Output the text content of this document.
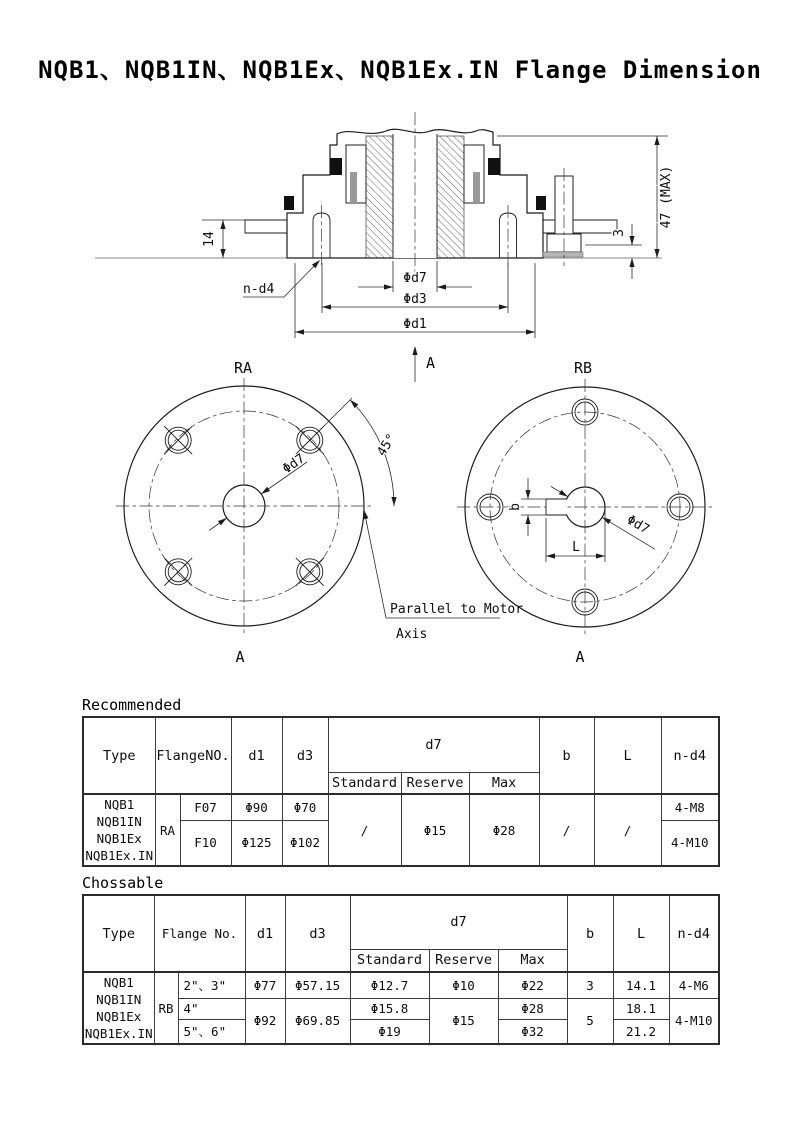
NQB1、NQB1IN、NQB1Ex、NQB1Ex.IN Flange Dimension
14
47 (MAX)
3
n-d4
Φd7
Φd3
Φd1
A
RA
Φd7
45°
A
Parallel to Motor
Axis
RB
b
L
Φd7
A
Recommended
Type	FlangeNO.		d1	d3	d7			b	L	n-d4
					Standard	Reserve	Max			

NQB1
NQB1IN
NQB1Ex
NQB1Ex.IN	RA	F07	Φ90	Φ70	/	Φ15	Φ28	/	/	4-M8
		F10	Φ125	Φ102						4-M10
Chossable
Type	Flange No.		d1	d3	d7			b	L	n-d4
					Standard	Reserve	Max			

NQB1
NQB1IN
NQB1Ex
NQB1Ex.IN	RB	2"、3"	Φ77	Φ57.15	Φ12.7	Φ10	Φ22	3	14.1	4-M6
		4"	Φ92	Φ69.85	Φ15.8	Φ15	Φ28	5	18.1	4-M10
		5"、6"			Φ19		Φ32		21.2	
